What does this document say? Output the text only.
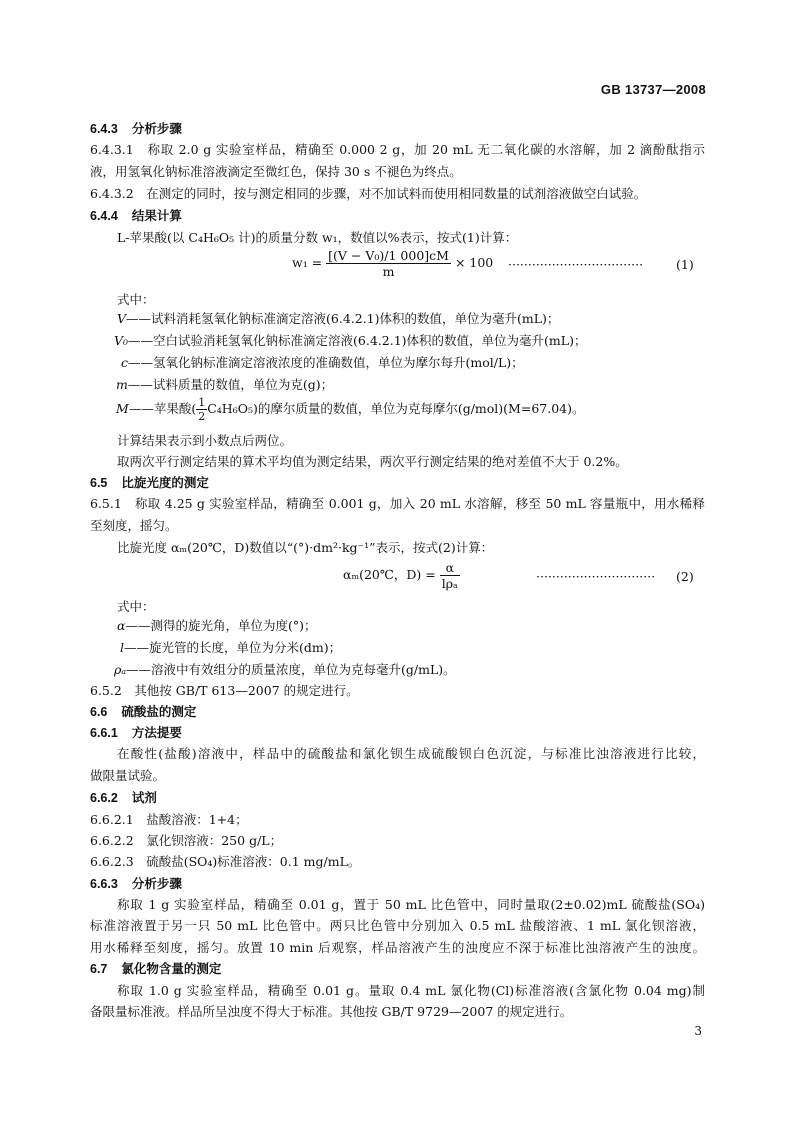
GB 13737—2008
6.4.3 分析步骤
6.4.3.1　称取 2.0 g 实验室样品，精确至 0.000 2 g，加 20 mL 无二氧化碳的水溶解，加 2 滴酚酞指示
液，用氢氧化钠标准溶液滴定至微红色，保持 30 s 不褪色为终点。
6.4.3.2　在测定的同时，按与测定相同的步骤，对不加试料而使用相同数量的试剂溶液做空白试验。
6.4.4 结果计算
L-苹果酸(以 C₄H₆O₅ 计)的质量分数 w₁，数值以%表示，按式(1)计算：
$w_1 = \frac{\text{[(V − V₀)/1 000]cM}}{m} \times 100$ ··································	(1)
式中：
V——试料消耗氢氧化钠标准滴定溶液(6.4.2.1)体积的数值，单位为毫升(mL)；
V₀——空白试验消耗氢氧化钠标准滴定溶液(6.4.2.1)体积的数值，单位为毫升(mL)；
c——氢氧化钠标准滴定溶液浓度的准确数值，单位为摩尔每升(mol/L)；
m——试料质量的数值，单位为克(g)；
M——苹果酸( $\frac{1}{2} C_4H_6O_5$)的摩尔质量的数值，单位为克每摩尔(g/mol)(M=67.04)。
计算结果表示到小数点后两位。
取两次平行测定结果的算术平均值为测定结果，两次平行测定结果的绝对差值不大于 0.2%。
6.5 比旋光度的测定
6.5.1　称取 4.25 g 实验室样品，精确至 0.001 g，加入 20 mL 水溶解，移至 50 mL 容量瓶中，用水稀释
至刻度，摇匀。
比旋光度 αₘ(20℃，D)数值以“(°)·dm²·kg⁻¹”表示，按式(2)计算：
αₘ(20℃，$D) = \frac{\alpha}{\text{lρₐ}}$	······························ (2)
式中：
α——测得的旋光角，单位为度(°)；
l——旋光管的长度，单位为分米(dm)；
ρₐ——溶液中有效组分的质量浓度，单位为克每毫升(g/mL)。
6.5.2　其他按 GB/T 613—2007 的规定进行。
6.6 硫酸盐的测定
6.6.1 方法提要
在酸性(盐酸)溶液中，样品中的硫酸盐和氯化钡生成硫酸钡白色沉淀，与标准比浊溶液进行比较，
做限量试验。
6.6.2 试剂
6.6.2.1　盐酸溶液：1+4；
6.6.2.2　氯化钡溶液：250 g/L；
6.6.2.3　硫酸盐(SO₄)标准溶液：0.1 mg/mL。
6.6.3 分析步骤
称取 1 g 实验室样品，精确至 0.01 g，置于 50 mL 比色管中，同时量取(2±0.02)mL 硫酸盐(SO₄)
标准溶液置于另一只 50 mL 比色管中。两只比色管中分别加入 0.5 mL 盐酸溶液、1 mL 氯化钡溶液，
用水稀释至刻度，摇匀。放置 10 min 后观察，样品溶液产生的浊度应不深于标准比浊溶液产生的浊度。
6.7 氯化物含量的测定
称取 1.0 g 实验室样品，精确至 0.01 g。量取 0.4 mL 氯化物(Cl)标准溶液(含氯化物 0.04 mg)制
备限量标准液。样品所呈浊度不得大于标准。其他按 GB/T 9729—2007 的规定进行。
3
